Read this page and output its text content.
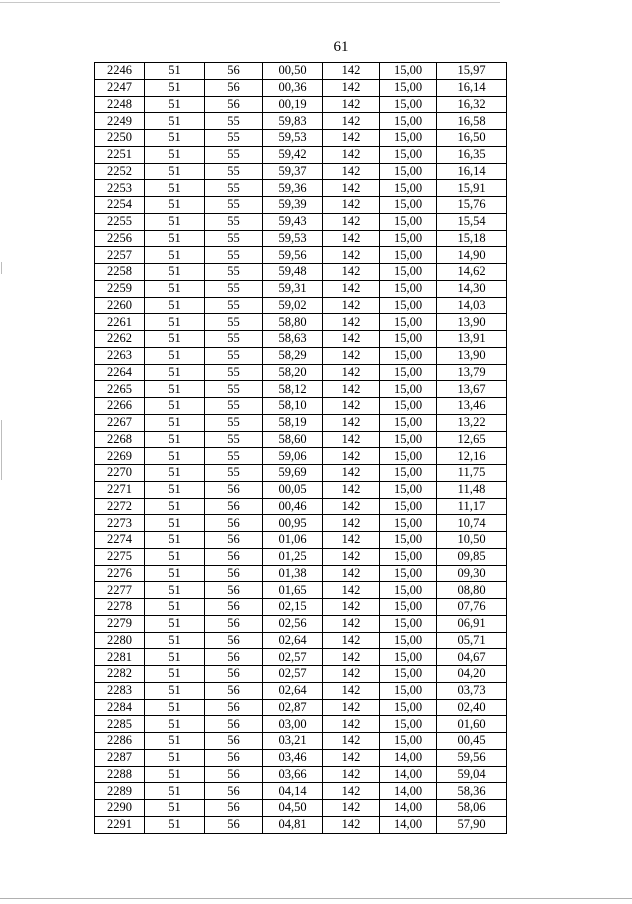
61
2246	51	56	00,50	142	15,00	15,97
2247	51	56	00,36	142	15,00	16,14
2248	51	56	00,19	142	15,00	16,32
2249	51	55	59,83	142	15,00	16,58
2250	51	55	59,53	142	15,00	16,50
2251	51	55	59,42	142	15,00	16,35
2252	51	55	59,37	142	15,00	16,14
2253	51	55	59,36	142	15,00	15,91
2254	51	55	59,39	142	15,00	15,76
2255	51	55	59,43	142	15,00	15,54
2256	51	55	59,53	142	15,00	15,18
2257	51	55	59,56	142	15,00	14,90
2258	51	55	59,48	142	15,00	14,62
2259	51	55	59,31	142	15,00	14,30
2260	51	55	59,02	142	15,00	14,03
2261	51	55	58,80	142	15,00	13,90
2262	51	55	58,63	142	15,00	13,91
2263	51	55	58,29	142	15,00	13,90
2264	51	55	58,20	142	15,00	13,79
2265	51	55	58,12	142	15,00	13,67
2266	51	55	58,10	142	15,00	13,46
2267	51	55	58,19	142	15,00	13,22
2268	51	55	58,60	142	15,00	12,65
2269	51	55	59,06	142	15,00	12,16
2270	51	55	59,69	142	15,00	11,75
2271	51	56	00,05	142	15,00	11,48
2272	51	56	00,46	142	15,00	11,17
2273	51	56	00,95	142	15,00	10,74
2274	51	56	01,06	142	15,00	10,50
2275	51	56	01,25	142	15,00	09,85
2276	51	56	01,38	142	15,00	09,30
2277	51	56	01,65	142	15,00	08,80
2278	51	56	02,15	142	15,00	07,76
2279	51	56	02,56	142	15,00	06,91
2280	51	56	02,64	142	15,00	05,71
2281	51	56	02,57	142	15,00	04,67
2282	51	56	02,57	142	15,00	04,20
2283	51	56	02,64	142	15,00	03,73
2284	51	56	02,87	142	15,00	02,40
2285	51	56	03,00	142	15,00	01,60
2286	51	56	03,21	142	15,00	00,45
2287	51	56	03,46	142	14,00	59,56
2288	51	56	03,66	142	14,00	59,04
2289	51	56	04,14	142	14,00	58,36
2290	51	56	04,50	142	14,00	58,06
2291	51	56	04,81	142	14,00	57,90
